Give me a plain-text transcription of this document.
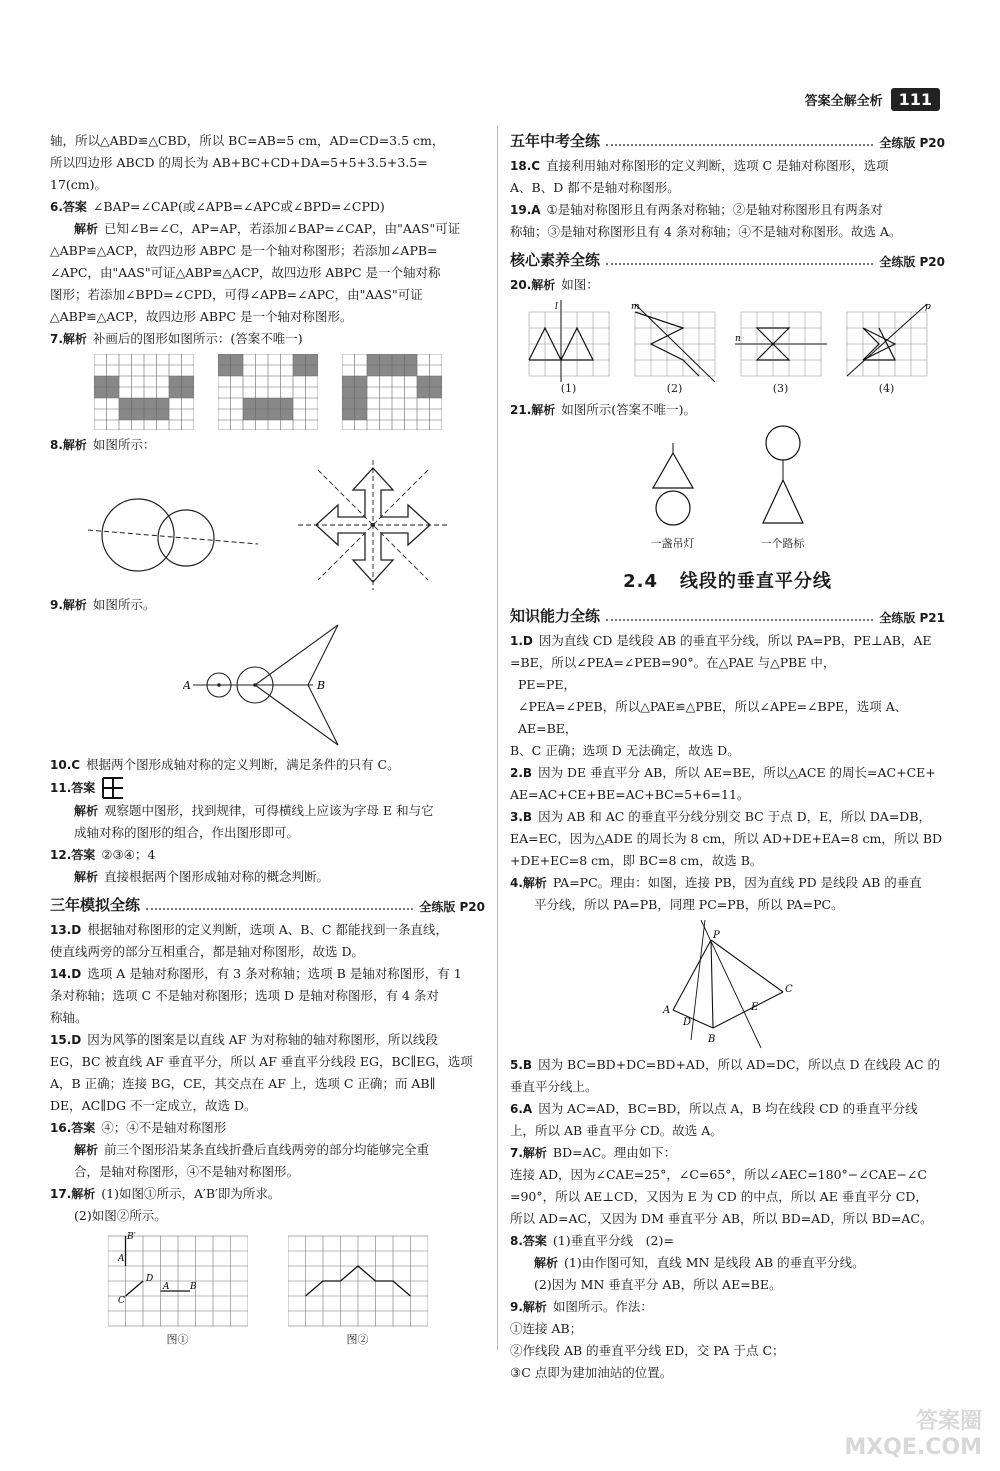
答案全解全析	111

轴，所以△ABD≌△CBD，所以 BC=AB=5 cm，AD=CD=3.5 cm，

所以四边形 ABCD 的周长为 AB+BC+CD+DA=5+5+3.5+3.5=

17(cm)。

6.答案 ∠BAP=∠CAP(或∠APB=∠APC或∠BPD=∠CPD)

解析 已知∠B=∠C，AP=AP，若添加∠BAP=∠CAP，由"AAS"可证

△ABP≌△ACP，故四边形 ABPC 是一个轴对称图形；若添加∠APB=

∠APC，由"AAS"可证△ABP≌△ACP，故四边形 ABPC 是一个轴对称

图形；若添加∠BPD=∠CPD，可得∠APB=∠APC，由"AAS"可证

△ABP≌△ACP，故四边形 ABPC 是一个轴对称图形。

7.解析 补画后的图形如图所示：(答案不唯一)

8.解析 如图所示：

9.解析 如图所示。

A	B

10.C 根据两个图形成轴对称的定义判断，满足条件的只有 C。

11.答案

解析 观察题中图形，找到规律，可得横线上应该为字母 E 和与它

成轴对称的图形的组合，作出图形即可。

12.答案 ②③④；4

解析 直接根据两个图形成轴对称的概念判断。

三年模拟全练	全练版 P20

13.D 根据轴对称图形的定义判断，选项 A、B、C 都能找到一条直线，

使直线两旁的部分互相重合，都是轴对称图形，故选 D。

14.D 选项 A 是轴对称图形，有 3 条对称轴；选项 B 是轴对称图形，有 1

条对称轴；选项 C 不是轴对称图形；选项 D 是轴对称图形，有 4 条对

称轴。

15.D 因为风筝的图案是以直线 AF 为对称轴的轴对称图形，所以线段

EG，BC 被直线 AF 垂直平分，所以 AF 垂直平分线段 EG，BC∥EG，选项

A，B 正确；连接 BG，CE，其交点在 AF 上，选项 C 正确；而 AB∥

DE，AC∥DG 不一定成立，故选 D。

16.答案 ④；④不是轴对称图形

解析 前三个图形沿某条直线折叠后直线两旁的部分均能够完全重

合，是轴对称图形，④不是轴对称图形。

17.解析 (1)如图①所示，A′B′即为所求。

(2)如图②所示。

B′
A′
D
A B
C
图①	图②
五年中考全练	全练版 P20

18.C 直接利用轴对称图形的定义判断，选项 C 是轴对称图形，选项

A、B、D 都不是轴对称图形。

19.A ①是轴对称图形且有两条对称轴；②是轴对称图形且有两条对

称轴；③是轴对称图形且有 4 条对称轴；④不是轴对称图形。故选 A。

核心素养全练	全练版 P20

20.解析 如图：

l
(1)
m
(2)
n
(3)
p
(4)

21.解析 如图所示(答案不唯一)。

一盏吊灯	一个路标
2.4 线段的垂直平分线
知识能力全练	全练版 P21

1.D 因为直线 CD 是线段 AB 的垂直平分线，所以 PA=PB，PE⊥AB，AE

=BE，所以∠PEA=∠PEB=90°。在△PAE 与△PBE 中，

PE=PE，

∠PEA=∠PEB，所以△PAE≌△PBE，所以∠APE=∠BPE，选项 A、

AE=BE，

B、C 正确；选项 D 无法确定，故选 D。

2.B 因为 DE 垂直平分 AB，所以 AE=BE，所以△ACE 的周长=AC+CE+

AE=AC+CE+BE=AC+BC=5+6=11。

3.B 因为 AB 和 AC 的垂直平分线分别交 BC 于点 D，E，所以 DA=DB，

EA=EC，因为△ADE 的周长为 8 cm，所以 AD+DE+EA=8 cm，所以 BD

+DE+EC=8 cm，即 BC=8 cm，故选 B。

4.解析 PA=PC。理由：如图，连接 PB，因为直线 PD 是线段 AB 的垂直

平分线，所以 PA=PB，同理 PC=PB，所以 PA=PC。

P
A
D
B
E
C

5.B 因为 BC=BD+DC=BD+AD，所以 AD=DC，所以点 D 在线段 AC 的

垂直平分线上。

6.A 因为 AC=AD，BC=BD，所以点 A，B 均在线段 CD 的垂直平分线

上，所以 AB 垂直平分 CD。故选 A。

7.解析 BD=AC。理由如下：

连接 AD，因为∠CAE=25°，∠C=65°，所以∠AEC=180°−∠CAE−∠C

=90°，所以 AE⊥CD，又因为 E 为 CD 的中点，所以 AE 垂直平分 CD，

所以 AD=AC，又因为 DM 垂直平分 AB，所以 BD=AD，所以 BD=AC。

8.答案 (1)垂直平分线　(2)=

解析 (1)由作图可知，直线 MN 是线段 AB 的垂直平分线。

(2)因为 MN 垂直平分 AB，所以 AE=BE。

9.解析 如图所示。作法：

①连接 AB；

②作线段 AB 的垂直平分线 ED，交 PA 于点 C；

③C 点即为建加油站的位置。

答案圈
MXQE.COM
